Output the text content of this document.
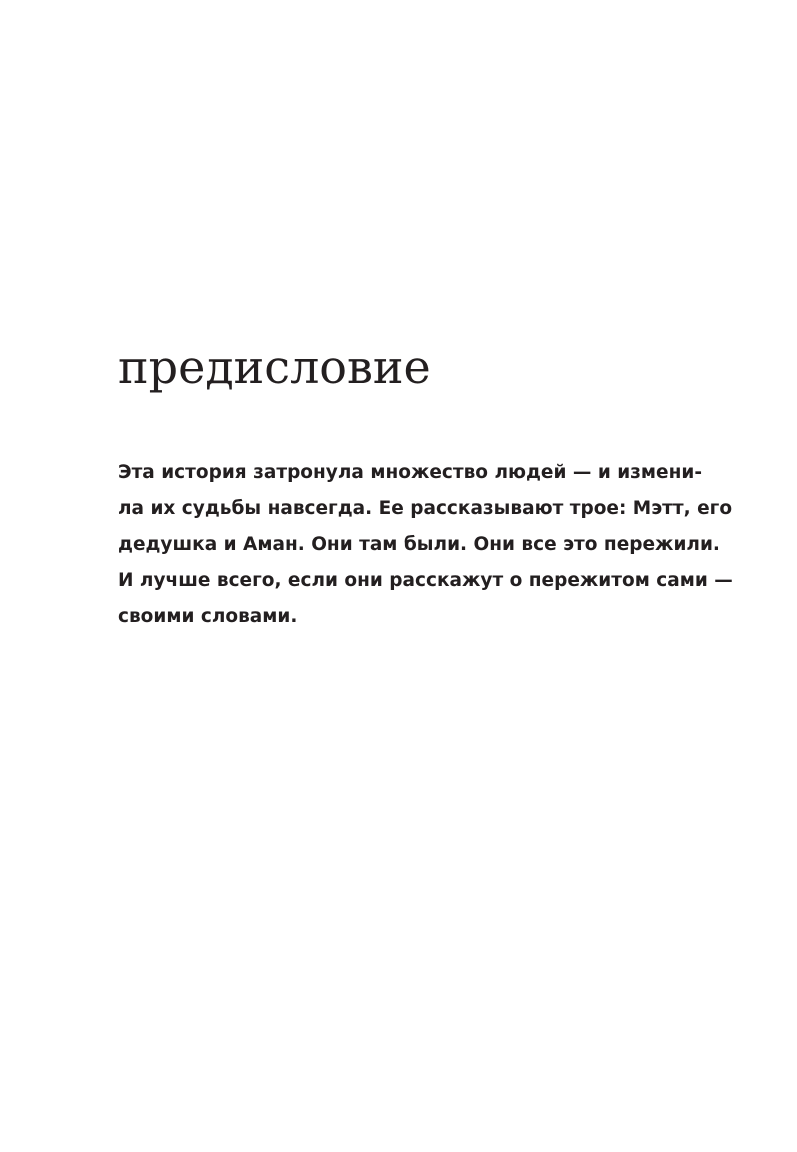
предисловие
Эта история затронула множество людей — и измени-
ла их судьбы навсегда. Ее рассказывают трое: Мэтт, его
дедушка и Аман. Они там были. Они все это пережили.
И лучше всего, если они расскажут о пережитом сами —
своими словами.
